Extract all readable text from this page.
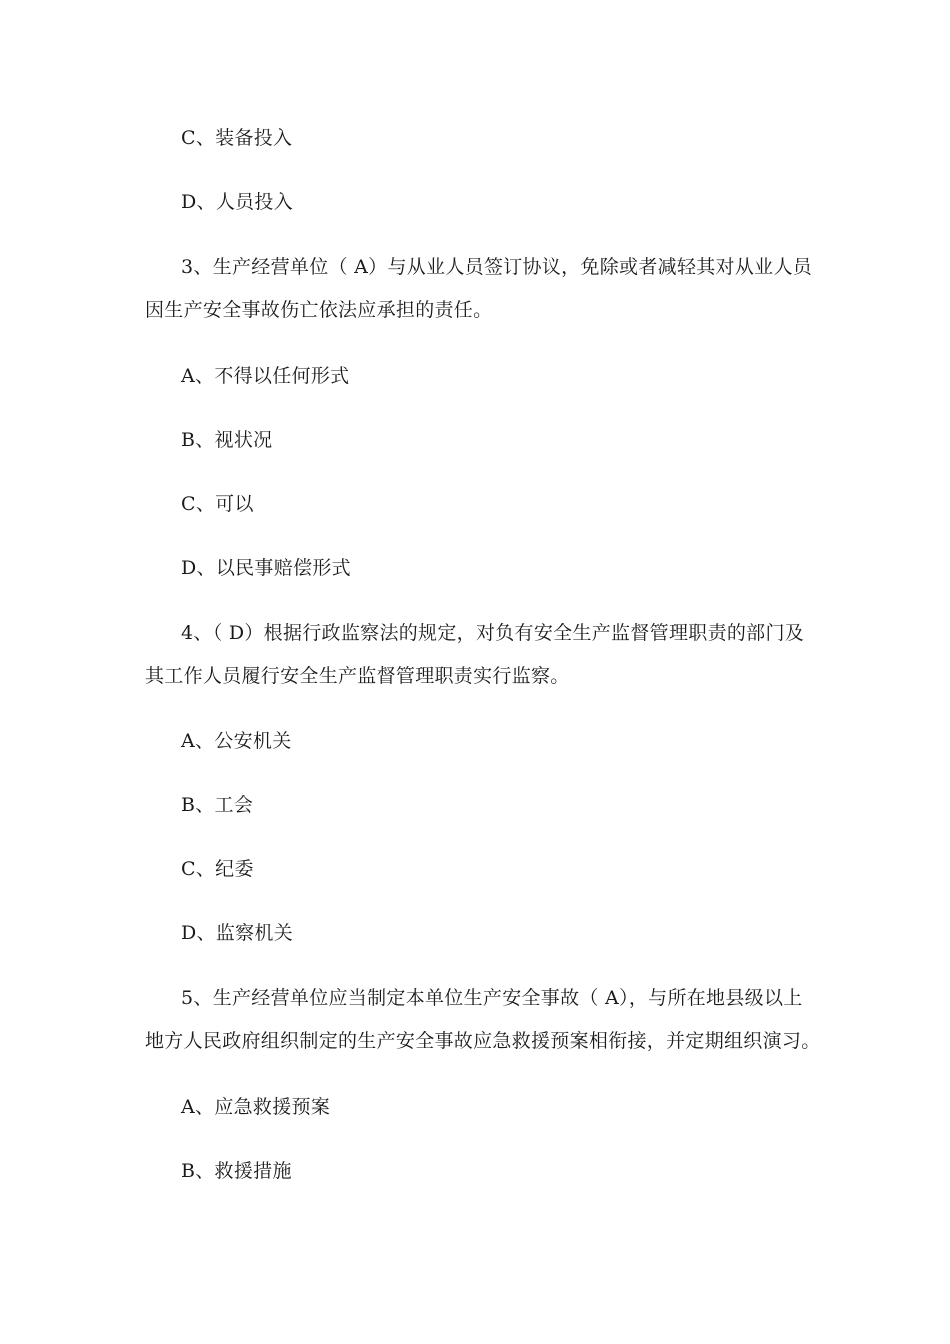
C、装备投入
D、人员投入
3、生产经营单位（ A）与从业人员签订协议，免除或者减轻其对从业人员
因生产安全事故伤亡依法应承担的责任。
A、不得以任何形式
B、视状况
C、可以
D、以民事赔偿形式
4、（ D）根据行政监察法的规定，对负有安全生产监督管理职责的部门及
其工作人员履行安全生产监督管理职责实行监察。
A、公安机关
B、工会
C、纪委
D、监察机关
5、生产经营单位应当制定本单位生产安全事故（ A），与所在地县级以上
地方人民政府组织制定的生产安全事故应急救援预案相衔接，并定期组织演习。
A、应急救援预案
B、救援措施
